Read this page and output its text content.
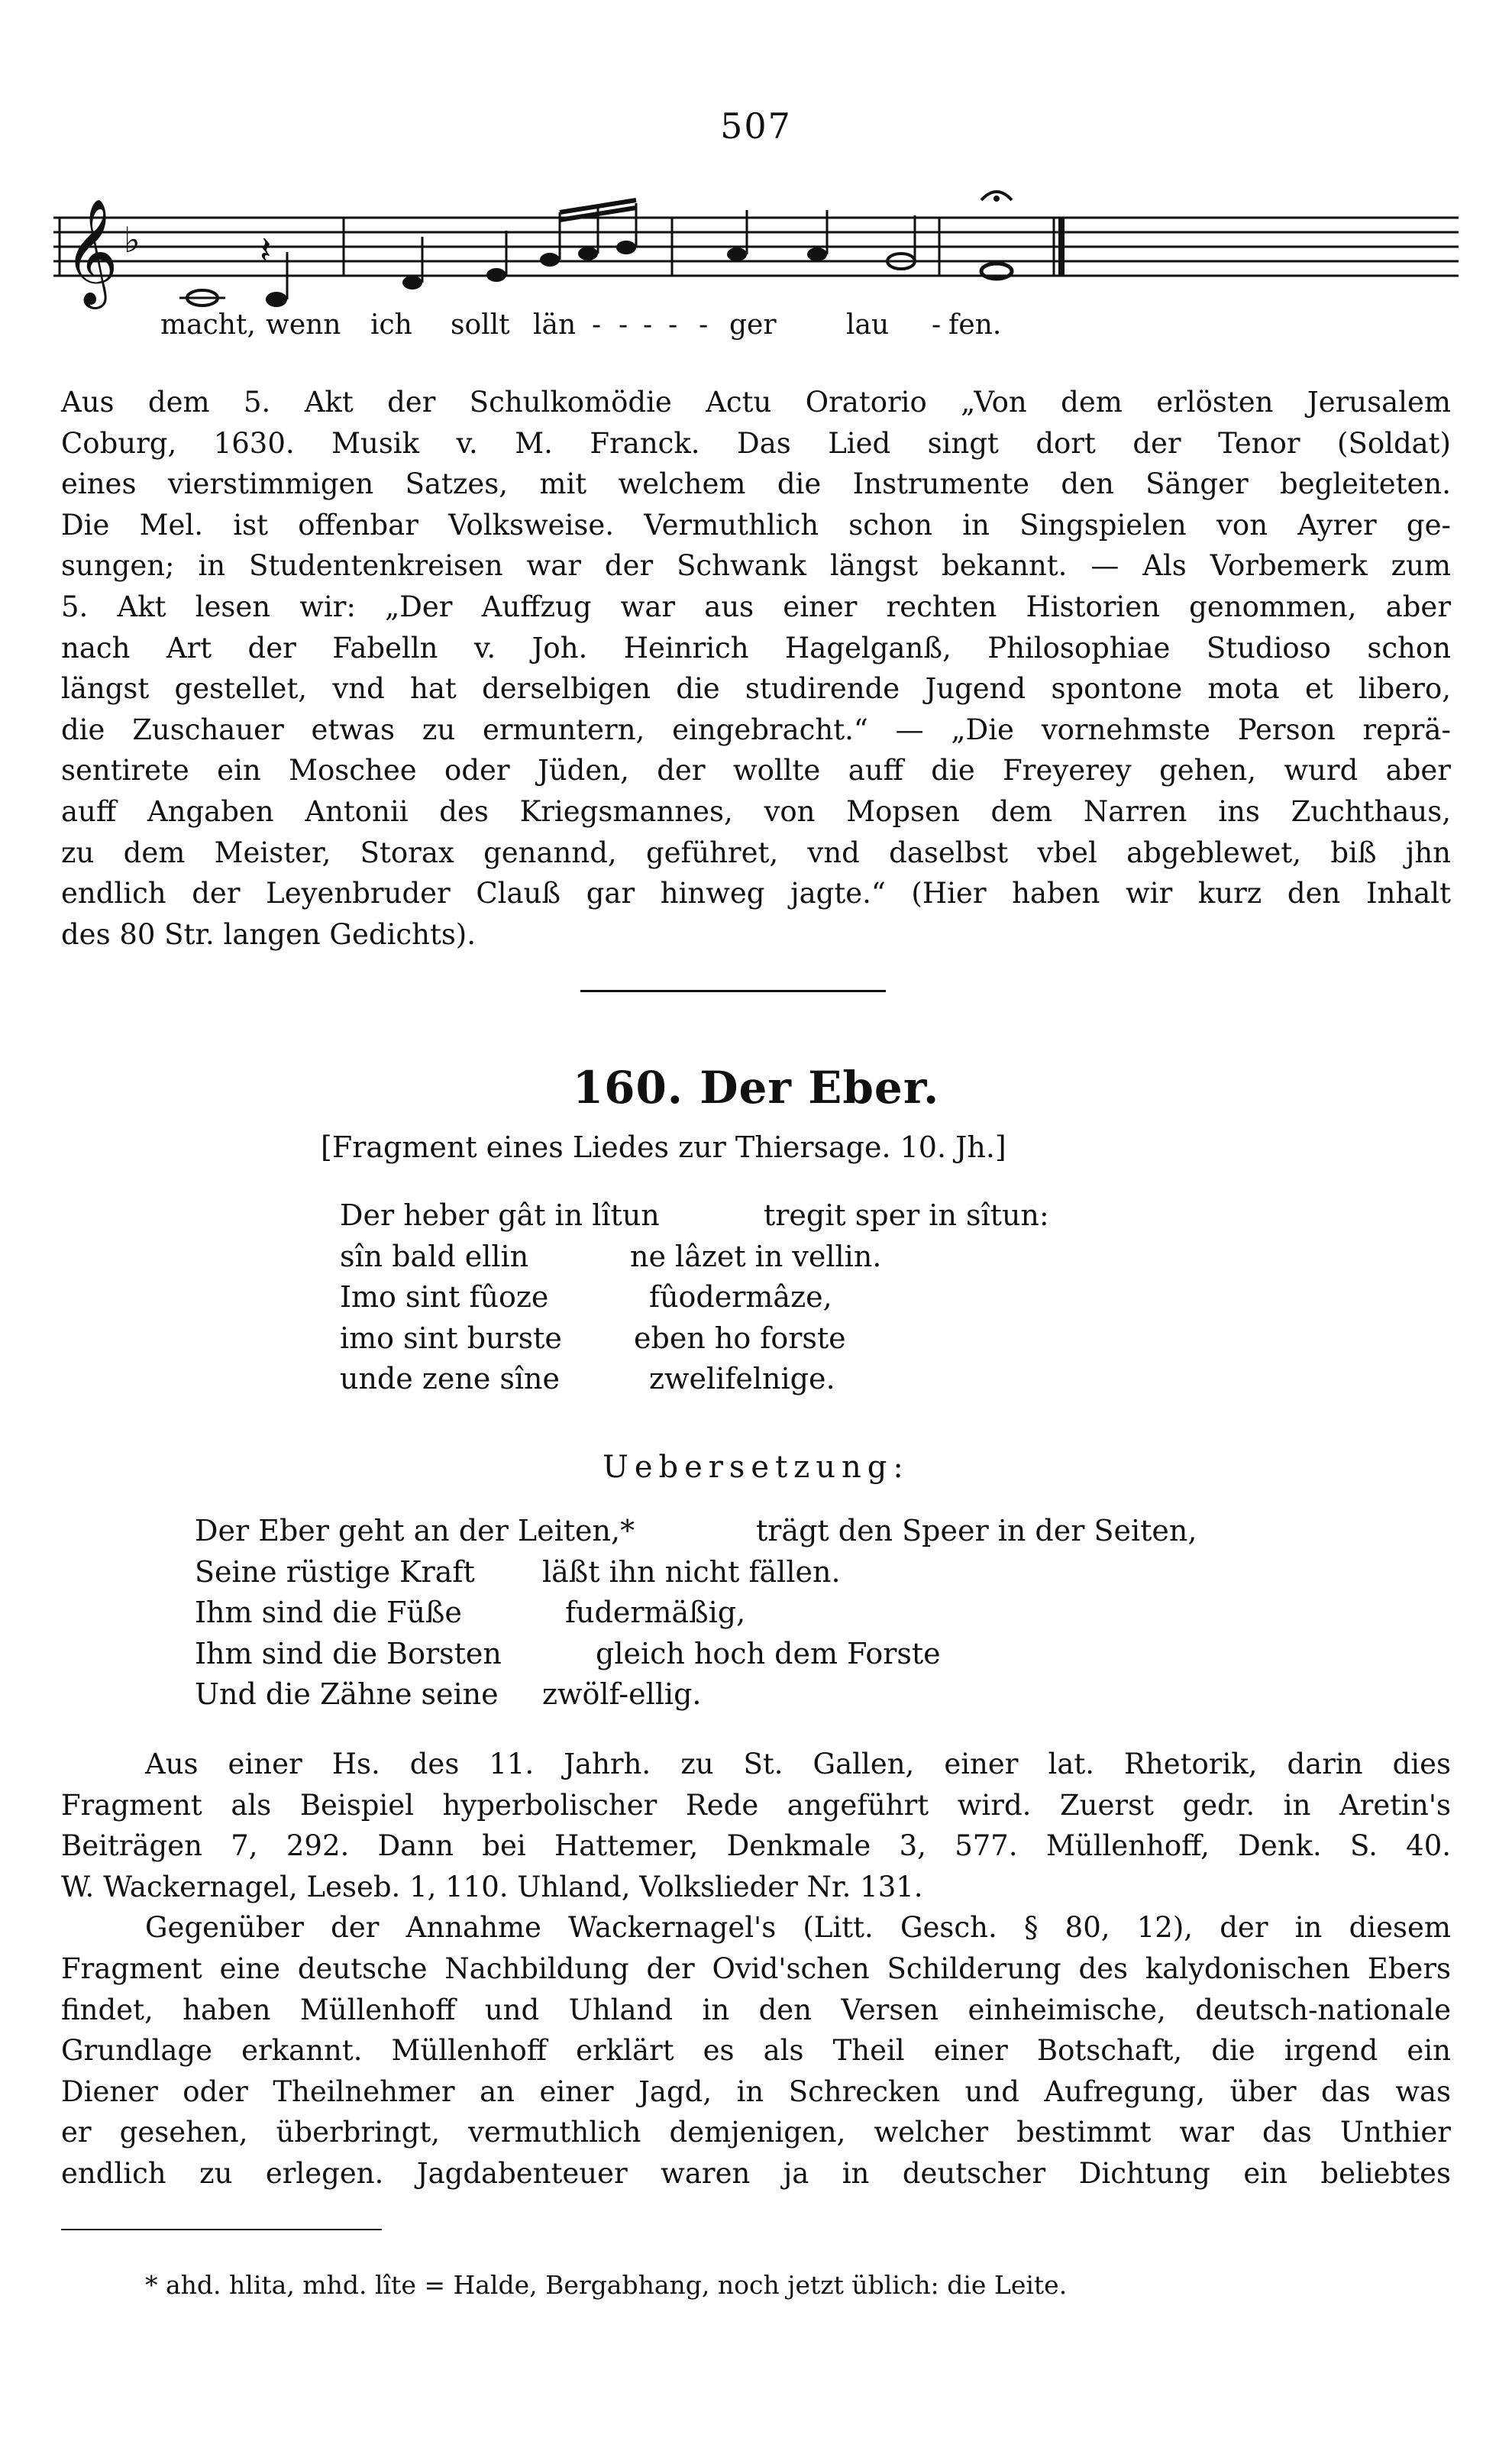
507
𝄞 ♭	𝄽
macht, wenn ich sollt län - - - - - ger	lau - fen.
Aus dem 5. Akt der Schulkomödie Actu Oratorio „Von dem erlösten Jerusalem
Coburg, 1630. Musik v. M. Franck. Das Lied singt dort der Tenor (Soldat)
eines vierstimmigen Satzes, mit welchem die Instrumente den Sänger begleiteten.
Die Mel. ist offenbar Volksweise. Vermuthlich schon in Singspielen von Ayrer ge-
sungen; in Studentenkreisen war der Schwank längst bekannt. — Als Vorbemerk zum
5. Akt lesen wir: „Der Auffzug war aus einer rechten Historien genommen, aber
nach Art der Fabelln v. Joh. Heinrich Hagelganß, Philosophiae Studioso schon
längst gestellet, vnd hat derselbigen die studirende Jugend spontone mota et libero,
die Zuschauer etwas zu ermuntern, eingebracht.“ — „Die vornehmste Person reprä-
sentirete ein Moschee oder Jüden, der wollte auff die Freyerey gehen, wurd aber
auff Angaben Antonii des Kriegsmannes, von Mopsen dem Narren ins Zuchthaus,
zu dem Meister, Storax genannd, geführet, vnd daselbst vbel abgeblewet, biß jhn
endlich der Leyenbruder Clauß gar hinweg jagte.“ (Hier haben wir kurz den Inhalt
des 80 Str. langen Gedichts).
160. Der Eber.
[Fragment eines Liedes zur Thiersage. 10. Jh.]
Der heber gât in lîtun
sîn bald ellin
Imo sint fûoze
imo sint burste
unde zene sîne
tregit sper in sîtun:
ne lâzet in vellin.
fûodermâze,
eben ho forste
zwelifelnige.
Uebersetzung:
Der Eber geht an der Leiten,*
Seine rüstige Kraft
Ihm sind die Füße
Ihm sind die Borsten
Und die Zähne seine
trägt den Speer in der Seiten,
läßt ihn nicht fällen.
fudermäßig,
gleich hoch dem Forste
zwölf-ellig.
Aus einer Hs. des 11. Jahrh. zu St. Gallen, einer lat. Rhetorik, darin dies
Fragment als Beispiel hyperbolischer Rede angeführt wird. Zuerst gedr. in Aretin's
Beiträgen 7, 292. Dann bei Hattemer, Denkmale 3, 577. Müllenhoff, Denk. S. 40.
W. Wackernagel, Leseb. 1, 110. Uhland, Volkslieder Nr. 131.
Gegenüber der Annahme Wackernagel's (Litt. Gesch. § 80, 12), der in diesem
Fragment eine deutsche Nachbildung der Ovid'schen Schilderung des kalydonischen Ebers
findet, haben Müllenhoff und Uhland in den Versen einheimische, deutsch-nationale
Grundlage erkannt. Müllenhoff erklärt es als Theil einer Botschaft, die irgend ein
Diener oder Theilnehmer an einer Jagd, in Schrecken und Aufregung, über das was
er gesehen, überbringt, vermuthlich demjenigen, welcher bestimmt war das Unthier
endlich zu erlegen. Jagdabenteuer waren ja in deutscher Dichtung ein beliebtes
* ahd. hlita, mhd. lîte = Halde, Bergabhang, noch jetzt üblich: die Leite.
